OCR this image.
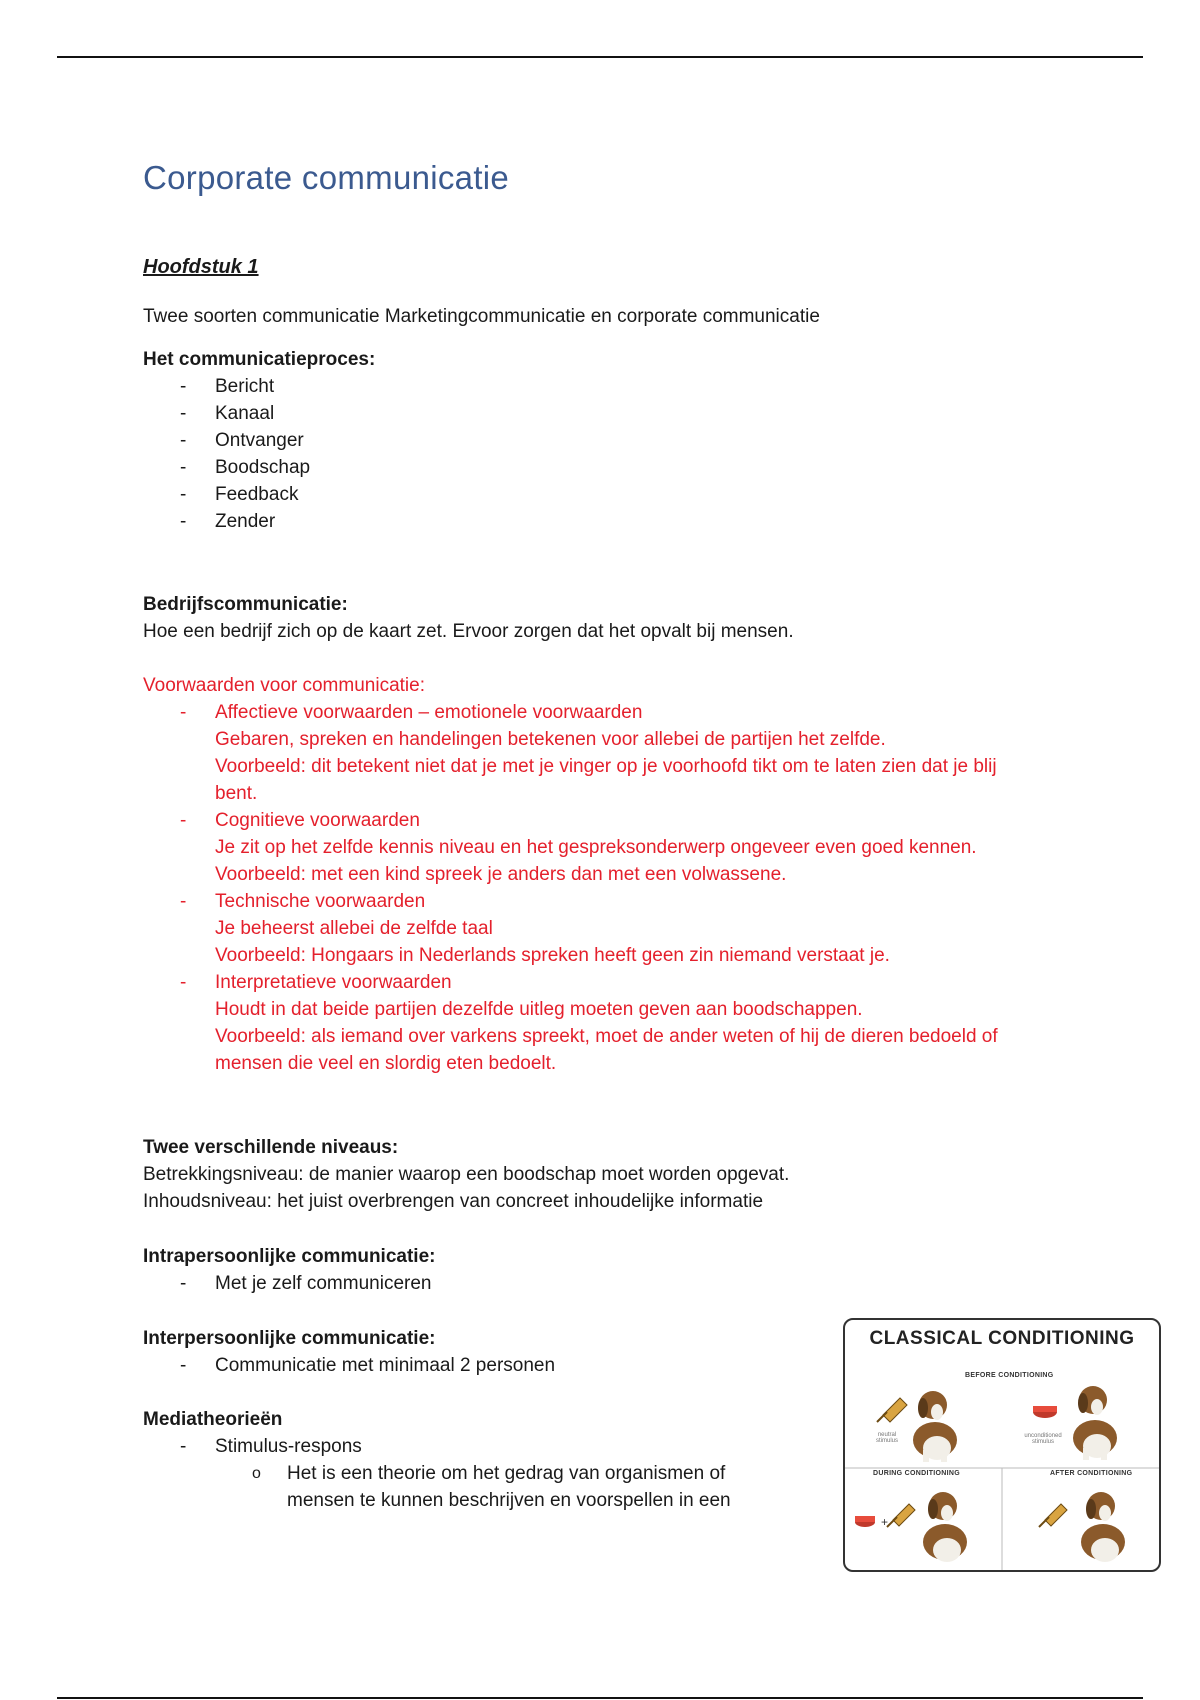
Corporate communicatie
Hoofdstuk 1
Twee soorten communicatie Marketingcommunicatie en corporate communicatie
Het communicatieproces:
- Bericht
- Kanaal
- Ontvanger
- Boodschap
- Feedback
- Zender
Bedrijfscommunicatie:
Hoe een bedrijf zich op de kaart zet. Ervoor zorgen dat het opvalt bij mensen.
Voorwaarden voor communicatie:
- Affectieve voorwaarden – emotionele voorwaarden
Gebaren, spreken en handelingen betekenen voor allebei de partijen het zelfde.
Voorbeeld: dit betekent niet dat je met je vinger op je voorhoofd tikt om te laten zien dat je blij bent.
- Cognitieve voorwaarden
Je zit op het zelfde kennis niveau en het gespreksonderwerp ongeveer even goed kennen.
Voorbeeld: met een kind spreek je anders dan met een volwassene.
- Technische voorwaarden
Je beheerst allebei de zelfde taal
Voorbeeld: Hongaars in Nederlands spreken heeft geen zin niemand verstaat je.
- Interpretatieve voorwaarden
Houdt in dat beide partijen dezelfde uitleg moeten geven aan boodschappen.
Voorbeeld: als iemand over varkens spreekt, moet de ander weten of hij de dieren bedoeld of mensen die veel en slordig eten bedoelt.
Twee verschillende niveaus:
Betrekkingsniveau: de manier waarop een boodschap moet worden opgevat.
Inhoudsniveau: het juist overbrengen van concreet inhoudelijke informatie
Intrapersoonlijke communicatie:
- Met je zelf communiceren
Interpersoonlijke communicatie:
- Communicatie met minimaal 2 personen
Mediatheorieën
- Stimulus-respons
o Het is een theorie om het gedrag van organismen of
mensen te kunnen beschrijven en voorspellen in een
CLASSICAL CONDITIONING
BEFORE CONDITIONING
DURING CONDITIONING	AFTER CONDITIONING
neutral stimulus
unconditioned stimulus
+
